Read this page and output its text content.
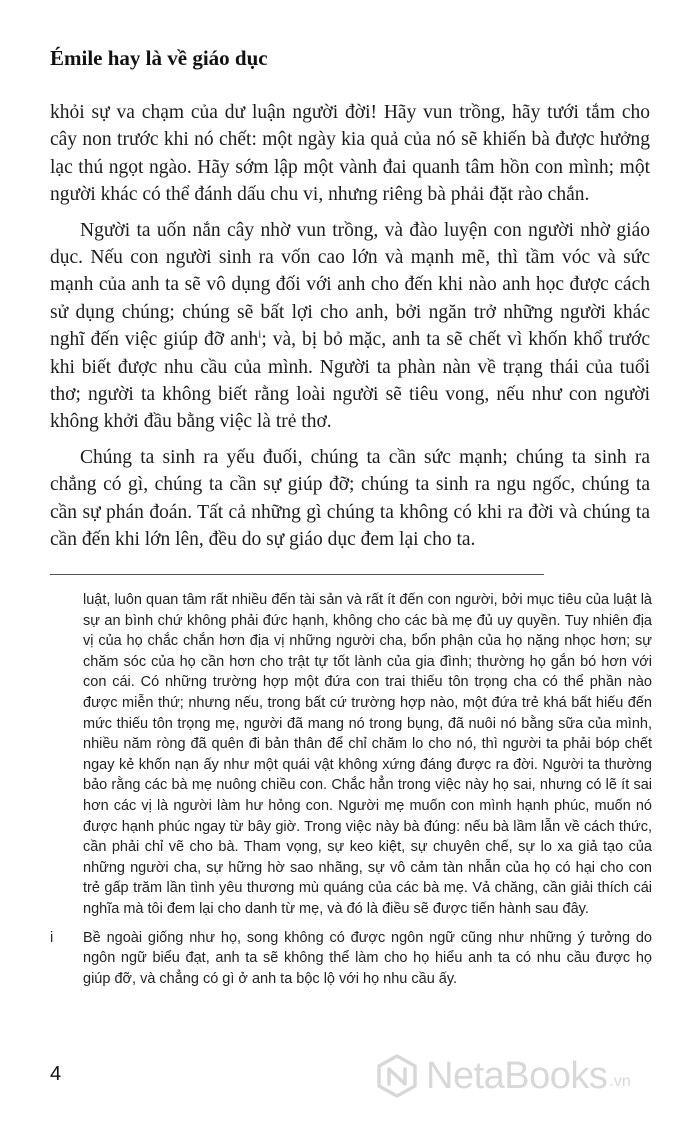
Émile hay là về giáo dục

khỏi sự va chạm của dư luận người đời! Hãy vun trồng, hãy tưới tắm cho cây non trước khi nó chết: một ngày kia quả của nó sẽ khiến bà được hưởng lạc thú ngọt ngào. Hãy sớm lập một vành đai quanh tâm hồn con mình; một người khác có thể đánh dấu chu vi, nhưng riêng bà phải đặt rào chắn.

Người ta uốn nắn cây nhờ vun trồng, và đào luyện con người nhờ giáo dục. Nếu con người sinh ra vốn cao lớn và mạnh mẽ, thì tầm vóc và sức mạnh của anh ta sẽ vô dụng đối với anh cho đến khi nào anh học được cách sử dụng chúng; chúng sẽ bất lợi cho anh, bởi ngăn trở những người khác nghĩ đến việc giúp đỡ anh$^i$; và, bị bỏ mặc, anh ta sẽ chết vì khốn khổ trước khi biết được nhu cầu của mình. Người ta phàn nàn về trạng thái của tuổi thơ; người ta không biết rằng loài người sẽ tiêu vong, nếu như con người không khởi đầu bằng việc là trẻ thơ.

Chúng ta sinh ra yếu đuối, chúng ta cần sức mạnh; chúng ta sinh ra chẳng có gì, chúng ta cần sự giúp đỡ; chúng ta sinh ra ngu ngốc, chúng ta cần sự phán đoán. Tất cả những gì chúng ta không có khi ra đời và chúng ta cần đến khi lớn lên, đều do sự giáo dục đem lại cho ta.

luật, luôn quan tâm rất nhiều đến tài sản và rất ít đến con người, bởi mục tiêu của luật là sự an bình chứ không phải đức hạnh, không cho các bà mẹ đủ uy quyền. Tuy nhiên địa vị của họ chắc chắn hơn địa vị những người cha, bổn phận của họ nặng nhọc hơn; sự chăm sóc của họ cần hơn cho trật tự tốt lành của gia đình; thường họ gắn bó hơn với con cái. Có những trường hợp một đứa con trai thiếu tôn trọng cha có thể phần nào được miễn thứ; nhưng nếu, trong bất cứ trường hợp nào, một đứa trẻ khá bất hiếu đến mức thiếu tôn trọng mẹ, người đã mang nó trong bụng, đã nuôi nó bằng sữa của mình, nhiều năm ròng đã quên đi bản thân để chỉ chăm lo cho nó, thì người ta phải bóp chết ngay kẻ khốn nạn ấy như một quái vật không xứng đáng được ra đời. Người ta thường bảo rằng các bà mẹ nuông chiều con. Chắc hẳn trong việc này họ sai, nhưng có lẽ ít sai hơn các vị là người làm hư hỏng con. Người mẹ muốn con mình hạnh phúc, muốn nó được hạnh phúc ngay từ bây giờ. Trong việc này bà đúng: nếu bà lầm lẫn về cách thức, cần phải chỉ vẽ cho bà. Tham vọng, sự keo kiệt, sự chuyên chế, sự lo xa giả tạo của những người cha, sự hững hờ sao nhãng, sự vô cảm tàn nhẫn của họ có hại cho con trẻ gấp trăm lần tình yêu thương mù quáng của các bà mẹ. Vả chăng, cần giải thích cái nghĩa mà tôi đem lại cho danh từ mẹ, và đó là điều sẽ được tiến hành sau đây.
i	Bề ngoài giống như họ, song không có được ngôn ngữ cũng như những ý tưởng do ngôn ngữ biểu đạt, anh ta sẽ không thể làm cho họ hiểu anh ta có nhu cầu được họ giúp đỡ, và chẳng có gì ở anh ta bộc lộ với họ nhu cầu ấy.
4	NetaBooks .vn
